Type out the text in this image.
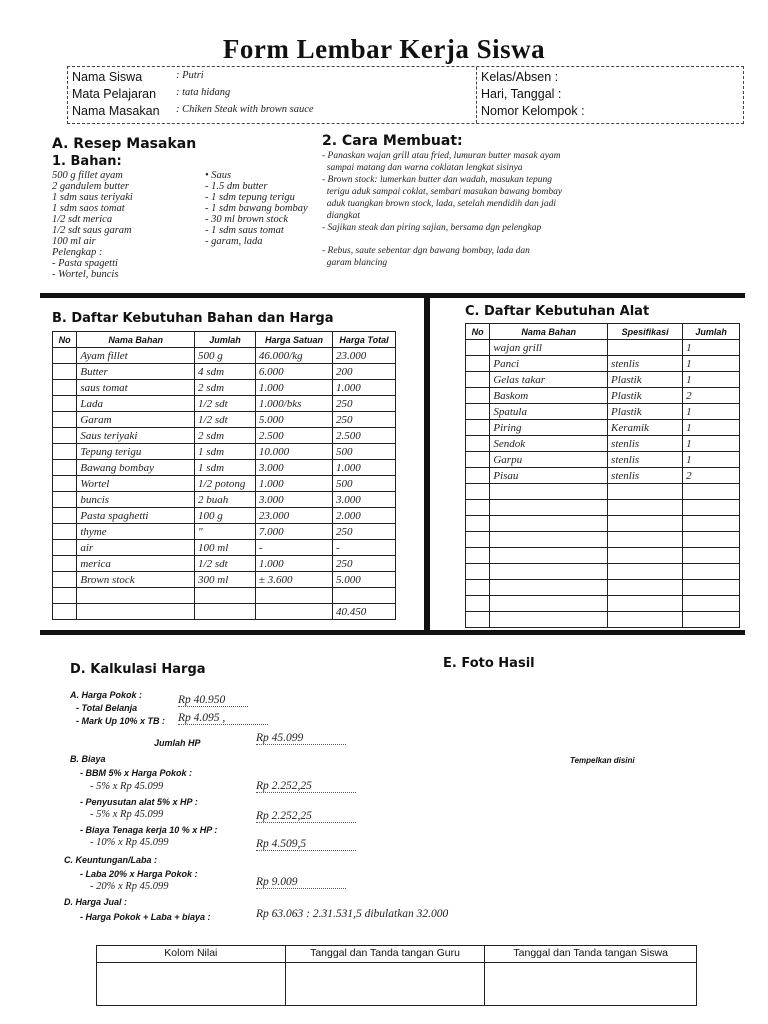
Form Lembar Kerja Siswa
Nama Siswa	: Putri
Mata Pelajaran : tata hidang
Nama Masakan : Chiken Steak with brown sauce
Kelas/Absen :
Hari, Tanggal :
Nomor Kelompok :
A. Resep Masakan
1. Bahan:
500 g fillet ayam
2 gandulem butter
1 sdm saus teriyaki
1 sdm saos tomat
1/2 sdt merica
1/2 sdt saus garam
100 ml air
Pelengkap :
- Pasta spagetti
- Wortel, buncis
• Saus
- 1.5 dm butter
- 1 sdm tepung terigu
- 1 sdm bawang bombay
- 30 ml brown stock
- 1 sdm saus tomat
- garam, lada
2. Cara Membuat:
- Panaskan wajan grill atau fried, lumuran butter masak ayam
sampai matang dan warna coklatan lengkat sisinya
- Brown stock: lumerkan butter dan wadah, masukan tepung
terigu aduk sampai coklat, sembari masukan bawang bombay
aduk tuangkan brown stock, lada, setelah mendidih dan jadi
diangkat
- Sajikan steak dan piring sajian, bersama dgn pelengkap
- Rebus, saute sebentar dgn bawang bombay, lada dan
garam blancing
B. Daftar Kebutuhan Bahan dan Harga
No	Nama Bahan	Jumlah	Harga Satuan	Harga Total
	Ayam fillet	500 g	46.000/kg	23.000
	Butter	4 sdm	6.000	200
	saus tomat	2 sdm	1.000	1.000
	Lada	1/2 sdt	1.000/bks	250
	Garam	1/2 sdt	5.000	250
	Saus teriyaki	2 sdm	2.500	2.500
	Tepung terigu	1 sdm	10.000	500
	Bawang bombay	1 sdm	3.000	1.000
	Wortel	1/2 potong	1.000	500
	buncis	2 buah	3.000	3.000
	Pasta spaghetti	100 g	23.000	2.000
	thyme	"	7.000	250
	air	100 ml	-	-
	merica	1/2 sdt	1.000	250
	Brown stock	300 ml	± 3.600	5.000

				40.450
C. Daftar Kebutuhan Alat
No	Nama Bahan	Spesifikasi	Jumlah
	wajan grill		1
	Panci	stenlis	1
	Gelas takar	Plastik	1
	Baskom	Plastik	2
	Spatula	Plastik	1
	Piring	Keramik	1
	Sendok	stenlis	1
	Garpu	stenlis	1
	Pisau	stenlis	2

D. Kalkulasi Harga
A. Harga Pokok :
- Total Belanja
Rp 40.950
- Mark Up 10% x TB : Rp 4.095 ,
Jumlah HP	Rp 45.099
B. Biaya
- BBM 5% x Harga Pokok :
- 5% x Rp 45.099	Rp 2.252,25
- Penyusutan alat 5% x HP :
- 5% x Rp 45.099	Rp 2.252,25
- Biaya Tenaga kerja 10 % x HP :
- 10% x Rp 45.099	Rp 4.509,5
C. Keuntungan/Laba :
- Laba 20% x Harga Pokok :
- 20% x Rp 45.099	Rp 9.009
D. Harga Jual :
- Harga Pokok + Laba + biaya :	Rp 63.063 : 2.31.531,5 dibulatkan 32.000
E. Foto Hasil
Tempelkan disini
Kolom Nilai	Tanggal dan Tanda tangan Guru	Tanggal dan Tanda tangan Siswa
